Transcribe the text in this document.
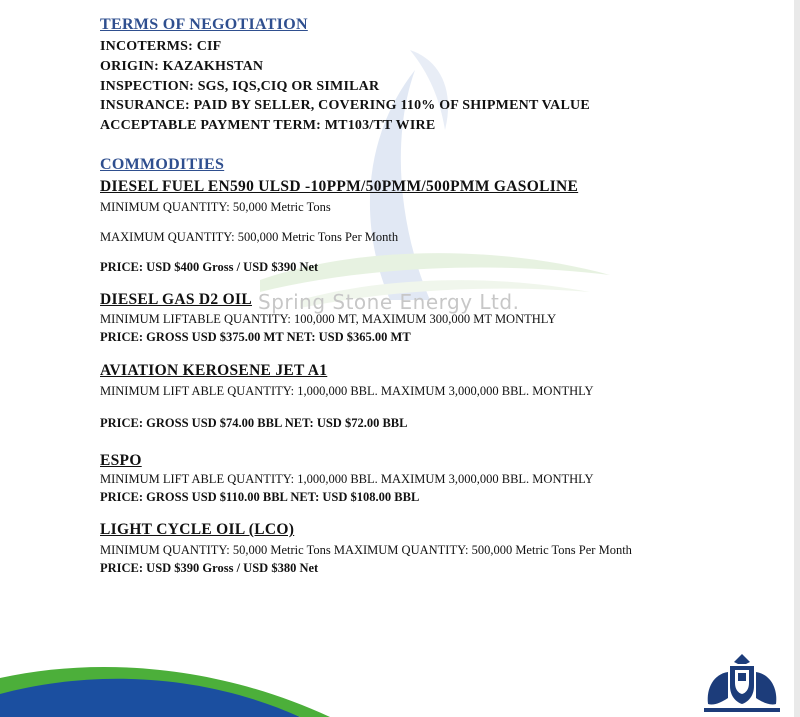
Spring Stone Energy Ltd.
TERMS OF NEGOTIATION
INCOTERMS: CIF
ORIGIN: KAZAKHSTAN
INSPECTION: SGS, IQS,CIQ OR SIMILAR
INSURANCE: PAID BY SELLER, COVERING 110% OF SHIPMENT VALUE
ACCEPTABLE PAYMENT TERM: MT103/TT WIRE
COMMODITIES
DIESEL FUEL EN590 ULSD -10PPM/50PMM/500PMM GASOLINE
MINIMUM QUANTITY: 50,000 Metric Tons
MAXIMUM QUANTITY: 500,000 Metric Tons Per Month
PRICE: USD $400 Gross / USD $390 Net
DIESEL GAS D2 OIL
MINIMUM LIFTABLE QUANTITY: 100,000 MT, MAXIMUM 300,000 MT MONTHLY
PRICE: GROSS USD $375.00 MT NET: USD $365.00 MT
AVIATION KEROSENE JET A1
MINIMUM LIFT ABLE QUANTITY: 1,000,000 BBL. MAXIMUM 3,000,000 BBL. MONTHLY
PRICE: GROSS USD $74.00 BBL NET: USD $72.00 BBL
ESPO
MINIMUM LIFT ABLE QUANTITY: 1,000,000 BBL. MAXIMUM 3,000,000 BBL. MONTHLY
PRICE: GROSS USD $110.00 BBL NET: USD $108.00 BBL
LIGHT CYCLE OIL (LCO)
MINIMUM QUANTITY: 50,000 Metric Tons MAXIMUM QUANTITY: 500,000 Metric Tons Per Month
PRICE: USD $390 Gross / USD $380 Net
